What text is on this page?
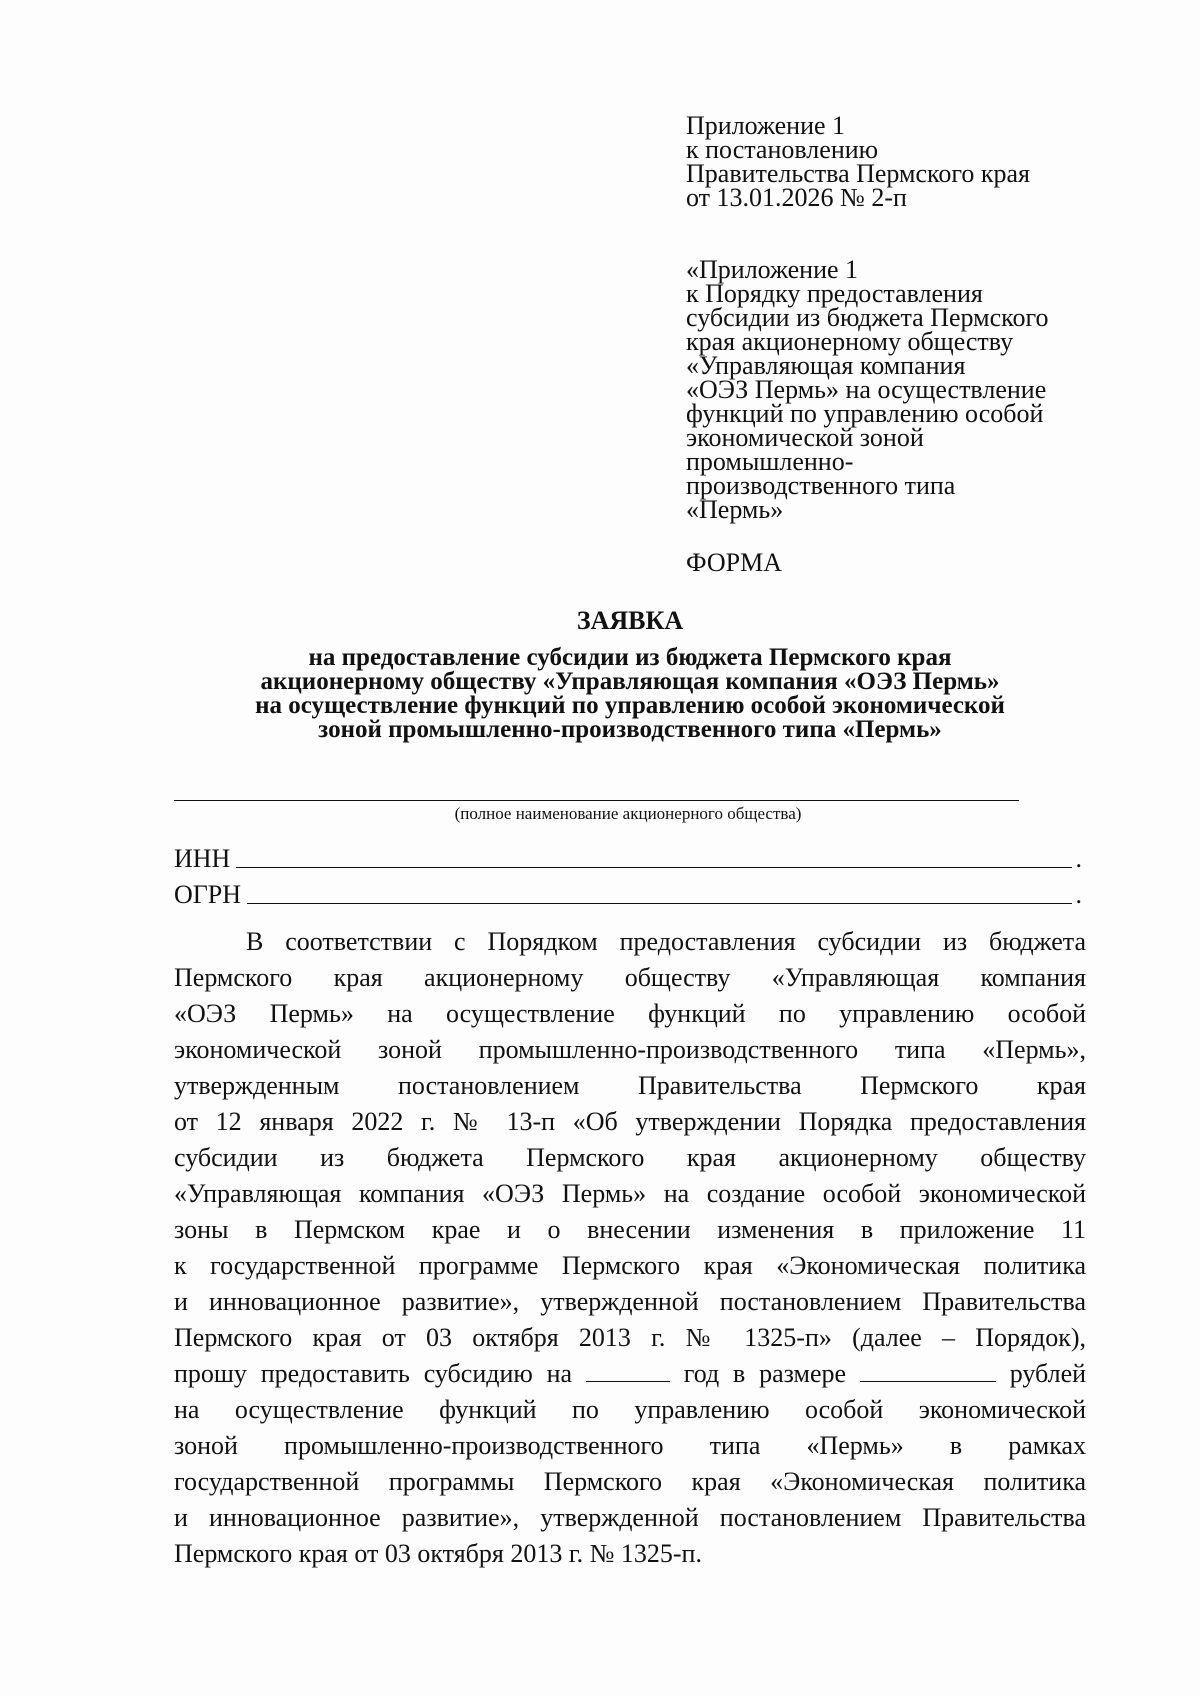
Приложение 1
к постановлению
Правительства Пермского края
от 13.01.2026 № 2-п
«Приложение 1
к Порядку предоставления
субсидии из бюджета Пермского
края акционерному обществу
«Управляющая компания
«ОЭЗ Пермь» на осуществление
функций по управлению особой
экономической зоной
промышленно-
производственного типа
«Пермь»
ФОРМА
ЗАЯВКА
на предоставление субсидии из бюджета Пермского края
акционерному обществу «Управляющая компания «ОЭЗ Пермь»
на осуществление функций по управлению особой экономической
зоной промышленно-производственного типа «Пермь»
(полное наименование акционерного общества)
ИНН	.
ОГРН	.
В соответствии с Порядком предоставления субсидии из бюджета
Пермского края акционерному обществу «Управляющая компания
«ОЭЗ Пермь» на осуществление функций по управлению особой
экономической зоной промышленно-производственного типа «Пермь»,
утвержденным постановлением Правительства Пермского края
от 12 января 2022 г. № 13-п «Об утверждении Порядка предоставления
субсидии из бюджета Пермского края акционерному обществу
«Управляющая компания «ОЭЗ Пермь» на создание особой экономической
зоны в Пермском крае и о внесении изменения в приложение 11
к государственной программе Пермского края «Экономическая политика
и инновационное развитие», утвержденной постановлением Правительства
Пермского края от 03 октября 2013 г. № 1325-п» (далее – Порядок),
прошу предоставить субсидию на	год в размере	рублей
на осуществление функций по управлению особой экономической
зоной промышленно-производственного типа «Пермь» в рамках
государственной программы Пермского края «Экономическая политика
и инновационное развитие», утвержденной постановлением Правительства
Пермского края от 03 октября 2013 г. № 1325-п.
